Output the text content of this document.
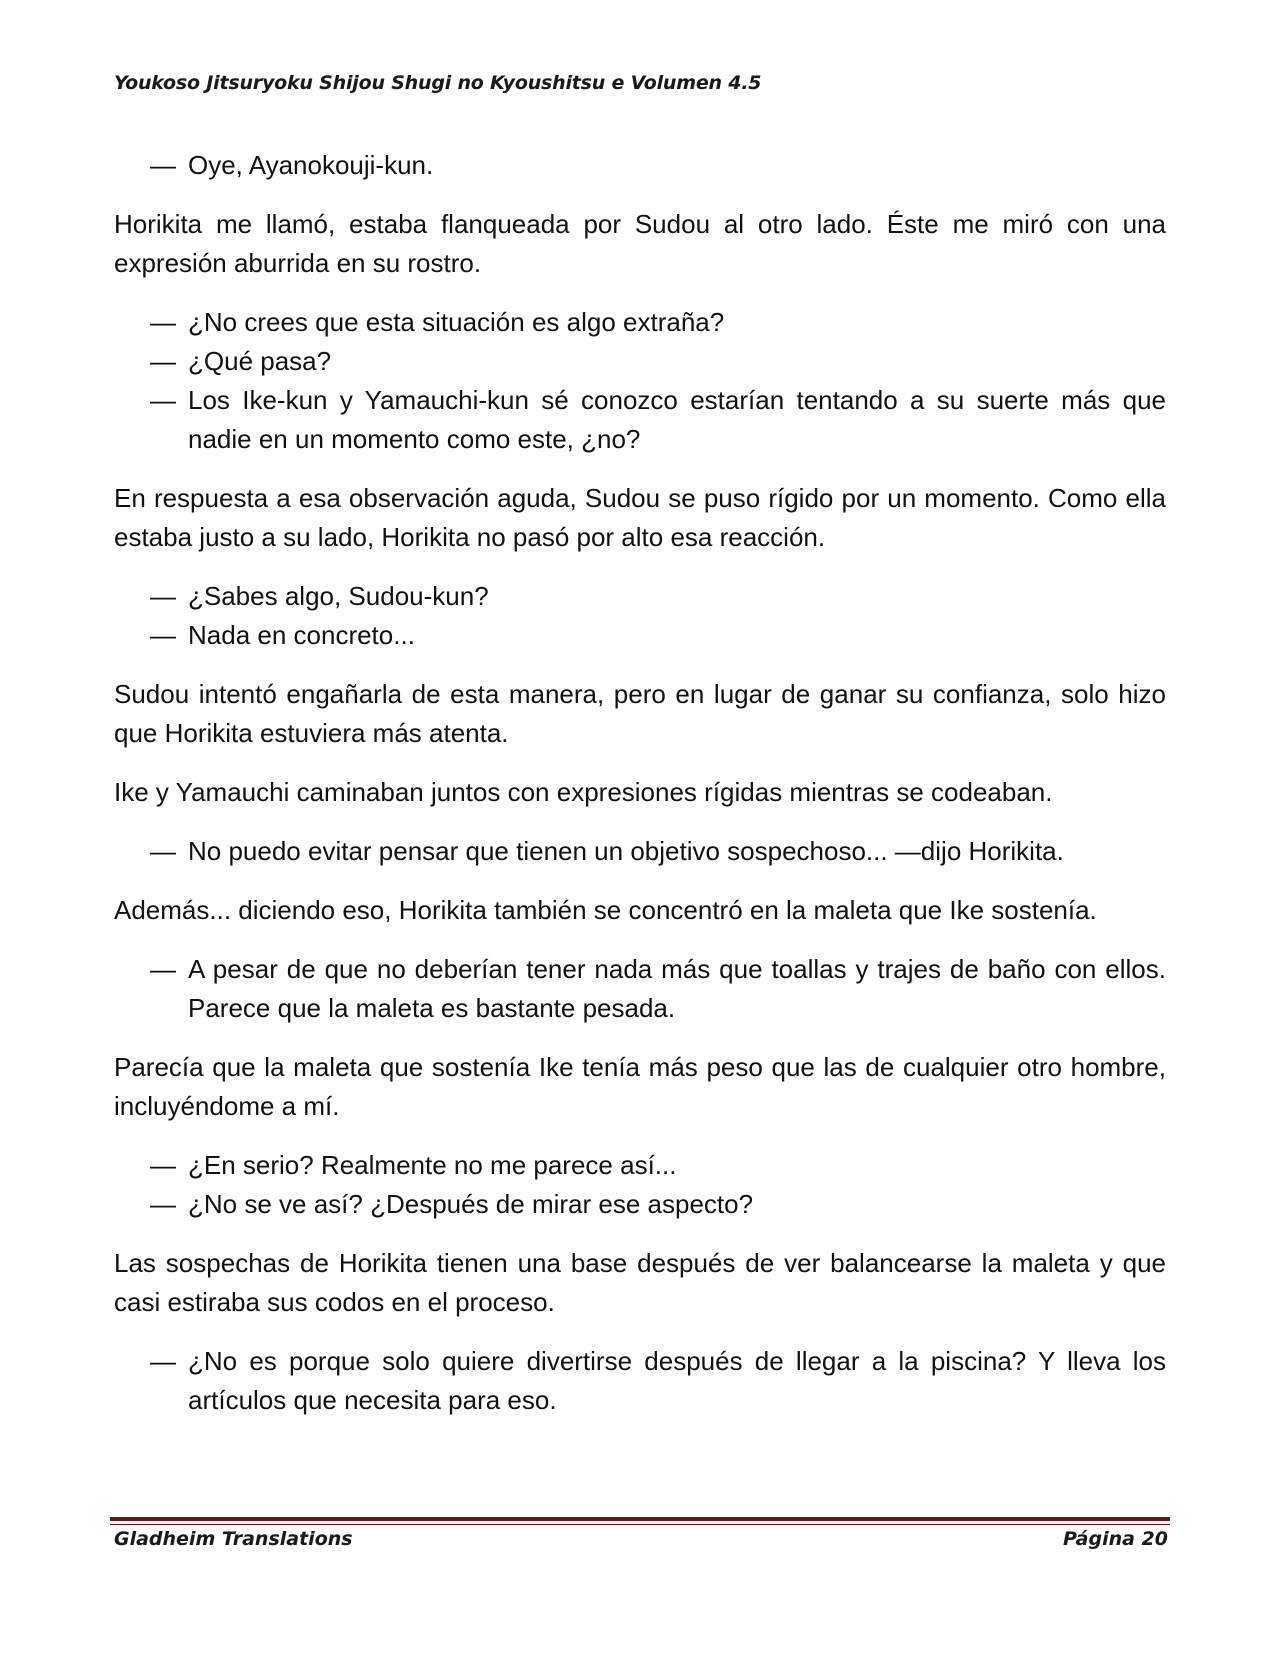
Youkoso Jitsuryoku Shijou Shugi no Kyoushitsu e Volumen 4.5
— Oye, Ayanokouji-kun.

Horikita me llamó, estaba flanqueada por Sudou al otro lado. Éste me miró con una expresión aburrida en su rostro.

— ¿No crees que esta situación es algo extraña?
— ¿Qué pasa?
— Los Ike-kun y Yamauchi-kun sé conozco estarían tentando a su suerte más que nadie en un momento como este, ¿no?

En respuesta a esa observación aguda, Sudou se puso rígido por un momento. Como ella estaba justo a su lado, Horikita no pasó por alto esa reacción.

— ¿Sabes algo, Sudou-kun?
— Nada en concreto...

Sudou intentó engañarla de esta manera, pero en lugar de ganar su confianza, solo hizo que Horikita estuviera más atenta.

Ike y Yamauchi caminaban juntos con expresiones rígidas mientras se codeaban.

— No puedo evitar pensar que tienen un objetivo sospechoso... —dijo Horikita.

Además... diciendo eso, Horikita también se concentró en la maleta que Ike sostenía.

— A pesar de que no deberían tener nada más que toallas y trajes de baño con ellos. Parece que la maleta es bastante pesada.

Parecía que la maleta que sostenía Ike tenía más peso que las de cualquier otro hombre, incluyéndome a mí.

— ¿En serio? Realmente no me parece así...
— ¿No se ve así? ¿Después de mirar ese aspecto?

Las sospechas de Horikita tienen una base después de ver balancearse la maleta y que casi estiraba sus codos en el proceso.

— ¿No es porque solo quiere divertirse después de llegar a la piscina? Y lleva los artículos que necesita para eso.
Gladheim Translations	Página 20
